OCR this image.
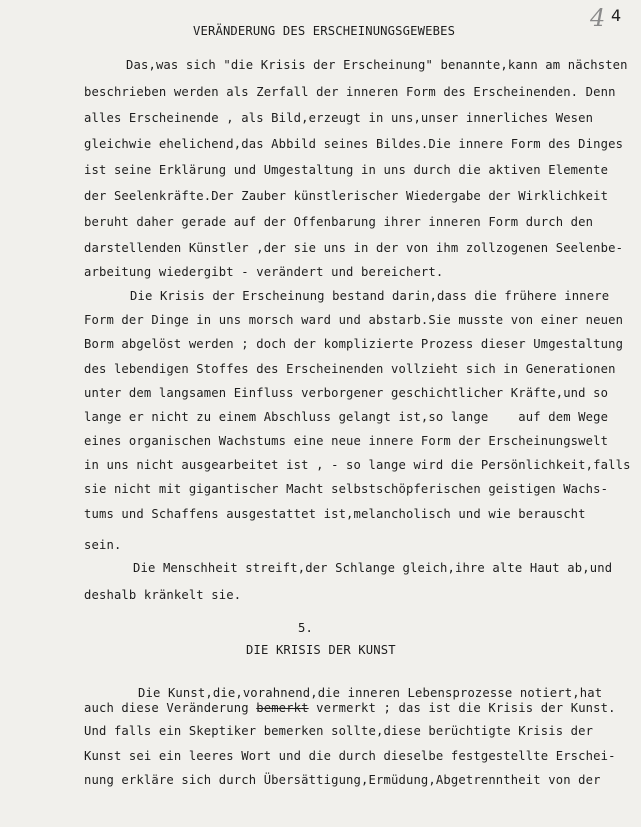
4 4
VERÄNDERUNG DES ERSCHEINUNGSGEWEBES
Das,was sich "die Krisis der Erscheinung" benannte,kann am nächsten
beschrieben werden als Zerfall der inneren Form des Erscheinenden. Denn
alles Erscheinende , als Bild,erzeugt in uns,unser innerliches Wesen
gleichwie ehelichend,das Abbild seines Bildes.Die innere Form des Dinges
ist seine Erklärung und Umgestaltung in uns durch die aktiven Elemente
der Seelenkräfte.Der Zauber künstlerischer Wiedergabe der Wirklichkeit
beruht daher gerade auf der Offenbarung ihrer inneren Form durch den
darstellenden Künstler ,der sie uns in der von ihm zollzogenen Seelenbe-
arbeitung wiedergibt - verändert und bereichert.
Die Krisis der Erscheinung bestand darin,dass die frühere innere
Form der Dinge in uns morsch ward und abstarb.Sie musste von einer neuen
Borm abgelöst werden ; doch der komplizierte Prozess dieser Umgestaltung
des lebendigen Stoffes des Erscheinenden vollzieht sich in Generationen
unter dem langsamen Einfluss verborgener geschichtlicher Kräfte,und so
lange er nicht zu einem Abschluss gelangt ist,so lange    auf dem Wege
eines organischen Wachstums eine neue innere Form der Erscheinungswelt
in uns nicht ausgearbeitet ist , - so lange wird die Persönlichkeit,falls
sie nicht mit gigantischer Macht selbstschöpferischen geistigen Wachs-
tums und Schaffens ausgestattet ist,melancholisch und wie berauscht
sein.
Die Menschheit streift,der Schlange gleich,ihre alte Haut ab,und
deshalb kränkelt sie.
5.
DIE KRISIS DER KUNST
Die Kunst,die,vorahnend,die inneren Lebensprozesse notiert,hat
auch diese Veränderung bemerkt vermerkt ; das ist die Krisis der Kunst.
Und falls ein Skeptiker bemerken sollte,diese berüchtigte Krisis der
Kunst sei ein leeres Wort und die durch dieselbe festgestellte Erschei-
nung erkläre sich durch Übersättigung,Ermüdung,Abgetrenntheit von der
